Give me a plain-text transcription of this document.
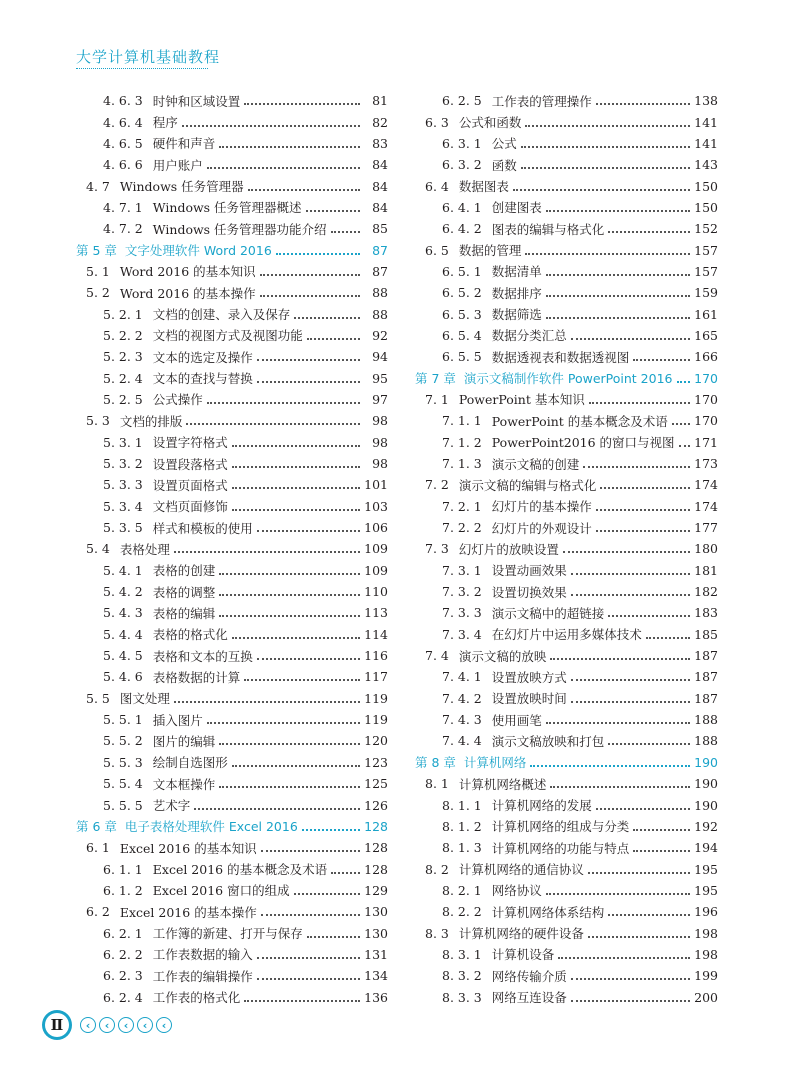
大学计算机基础教程
4. 6. 3 时钟和区域设置	81
4. 6. 4 程序	82
4. 6. 5 硬件和声音	83
4. 6. 6 用户账户	84
4. 7 Windows 任务管理器	84
4. 7. 1 Windows 任务管理器概述	84
4. 7. 2 Windows 任务管理器功能介绍	85
第 5 章 文字处理软件 Word 2016	87
5. 1 Word 2016 的基本知识	87
5. 2 Word 2016 的基本操作	88
5. 2. 1 文档的创建、录入及保存	88
5. 2. 2 文档的视图方式及视图功能	92
5. 2. 3 文本的选定及操作	94
5. 2. 4 文本的查找与替换	95
5. 2. 5 公式操作	97
5. 3 文档的排版	98
5. 3. 1 设置字符格式	98
5. 3. 2 设置段落格式	98
5. 3. 3 设置页面格式	101
5. 3. 4 文档页面修饰	103
5. 3. 5 样式和模板的使用	106
5. 4 表格处理	109
5. 4. 1 表格的创建	109
5. 4. 2 表格的调整	110
5. 4. 3 表格的编辑	113
5. 4. 4 表格的格式化	114
5. 4. 5 表格和文本的互换	116
5. 4. 6 表格数据的计算	117
5. 5 图文处理	119
5. 5. 1 插入图片	119
5. 5. 2 图片的编辑	120
5. 5. 3 绘制自选图形	123
5. 5. 4 文本框操作	125
5. 5. 5 艺术字	126
第 6 章 电子表格处理软件 Excel 2016	128
6. 1 Excel 2016 的基本知识	128
6. 1. 1 Excel 2016 的基本概念及术语	128
6. 1. 2 Excel 2016 窗口的组成	129
6. 2 Excel 2016 的基本操作	130
6. 2. 1 工作簿的新建、打开与保存	130
6. 2. 2 工作表数据的输入	131
6. 2. 3 工作表的编辑操作	134
6. 2. 4 工作表的格式化	136
6. 2. 5 工作表的管理操作	138
6. 3 公式和函数	141
6. 3. 1 公式	141
6. 3. 2 函数	143
6. 4 数据图表	150
6. 4. 1 创建图表	150
6. 4. 2 图表的编辑与格式化	152
6. 5 数据的管理	157
6. 5. 1 数据清单	157
6. 5. 2 数据排序	159
6. 5. 3 数据筛选	161
6. 5. 4 数据分类汇总	165
6. 5. 5 数据透视表和数据透视图	166
第 7 章 演示文稿制作软件 PowerPoint 2016 170
7. 1 PowerPoint 基本知识	170
7. 1. 1 PowerPoint 的基本概念及术语 170
7. 1. 2 PowerPoint2016 的窗口与视图 171
7. 1. 3 演示文稿的创建	173
7. 2 演示文稿的编辑与格式化	174
7. 2. 1 幻灯片的基本操作	174
7. 2. 2 幻灯片的外观设计	177
7. 3 幻灯片的放映设置	180
7. 3. 1 设置动画效果	181
7. 3. 2 设置切换效果	182
7. 3. 3 演示文稿中的超链接	183
7. 3. 4 在幻灯片中运用多媒体技术	185
7. 4 演示文稿的放映	187
7. 4. 1 设置放映方式	187
7. 4. 2 设置放映时间	187
7. 4. 3 使用画笔	188
7. 4. 4 演示文稿放映和打包	188
第 8 章 计算机网络	190
8. 1 计算机网络概述	190
8. 1. 1 计算机网络的发展	190
8. 1. 2 计算机网络的组成与分类	192
8. 1. 3 计算机网络的功能与特点	194
8. 2 计算机网络的通信协议	195
8. 2. 1 网络协议	195
8. 2. 2 计算机网络体系结构	196
8. 3 计算机网络的硬件设备	198
8. 3. 1 计算机设备	198
8. 3. 2 网络传输介质	199
8. 3. 3 网络互连设备	200
Ⅱ	‹	‹	‹	‹	‹
